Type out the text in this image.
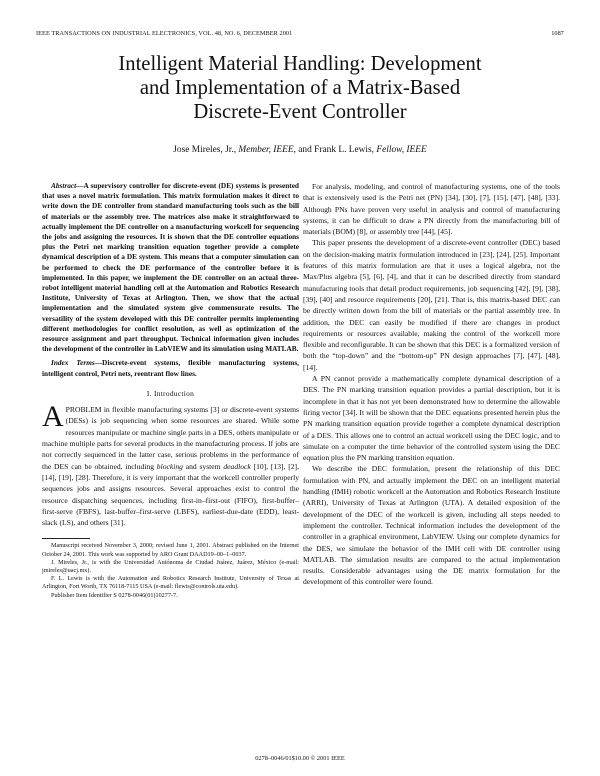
IEEE TRANSACTIONS ON INDUSTRIAL ELECTRONICS, VOL. 48, NO. 6, DECEMBER 2001	1087
Intelligent Material Handling: Development
and Implementation of a Matrix-Based
Discrete-Event Controller
Jose Mireles, Jr., Member, IEEE, and Frank L. Lewis, Fellow, IEEE

Abstract—A supervisory controller for discrete-event (DE) systems is presented that uses a novel matrix formulation. This matrix formulation makes it direct to write down the DE controller from standard manufacturing tools such as the bill of materials or the assembly tree. The matrices also make it straightforward to actually implement the DE controller on a manufacturing workcell for sequencing the jobs and assigning the resources. It is shown that the DE controller equations plus the Petri net marking transition equation together provide a complete dynamical description of a DE system. This means that a computer simulation can be performed to check the DE performance of the controller before it is implemented. In this paper, we implement the DE controller on an actual three-robot intelligent material handling cell at the Automation and Robotics Research Institute, University of Texas at Arlington. Then, we show that the actual implementation and the simulated system give commensurate results. The versatility of the system developed with this DE controller permits implementing different methodologies for conflict resolution, as well as optimization of the resource assignment and part throughput. Technical information given includes the development of the controller in LabVIEW and its simulation using MATLAB.

Index Terms—Discrete-event systems, flexible manufacturing systems, intelligent control, Petri nets, reentrant flow lines.

I. Introduction

APROBLEM in flexible manufacturing systems [3] or discrete-event systems (DESs) is job sequencing when some resources are shared. While some resources manipulate or machine single parts in a DES, others manipulate or machine multiple parts for several products in the manufacturing process. If jobs are not correctly sequenced in the latter case, serious problems in the performance of the DES can be obtained, including blocking and system deadlock [10], [13], [2], [14], [19], [28]. Therefore, it is very important that the workcell controller properly sequences jobs and assigns resources. Several approaches exist to control the resource dispatching sequences, including first-in–first-out (FIFO), first-buffer–first-serve (FBFS), last-buffer–first-serve (LBFS), earliest-due-date (EDD), least-slack (LS), and others [31].

Manuscript received November 3, 2000; revised June 1, 2001. Abstract published on the Internet October 24, 2001. This work was supported by ARO Grant DAAD19–00–1–0037.

J. Mireles, Jr., is with the Universidad Autónoma de Ciudad Juárez, Juárez, México (e-mail: jmireles@uacj.mx).

F. L. Lewis is with the Automation and Robotics Research Institute, University of Texas at Arlington, Fort Worth, TX 76118-7115 USA (e-mail: flewis@controls.uta.edu).

Publisher Item Identifier S 0278-0046(01)10277-7.

For analysis, modeling, and control of manufacturing systems, one of the tools that is extensively used is the Petri net (PN) [34], [30], [7], [15], [47], [48], [33]. Although PNs have proven very useful in analysis and control of manufacturing systems, it can be difficult to draw a PN directly from the manufacturing bill of materials (BOM) [8], or assembly tree [44], [45].

This paper presents the development of a discrete-event controller (DEC) based on the decision-making matrix formulation introduced in [23], [24], [25]. Important features of this matrix formulation are that it uses a logical algebra, not the Max/Plus algebra [5], [6], [4], and that it can be described directly from standard manufacturing tools that detail product requirements, job sequencing [42], [9], [38], [39], [40] and resource requirements [20], [21]. That is, this matrix-based DEC can be directly written down from the bill of materials or the partial assembly tree. In addition, the DEC can easily be modified if there are changes in product requirements or resources available, making the control of the workcell more flexible and reconfigurable. It can be shown that this DEC is a formalized version of both the “top-down” and the “bottom-up” PN design approaches [7], [47], [48], [14].

A PN cannot provide a mathematically complete dynamical description of a DES. The PN marking transition equation provides a partial description, but it is incomplete in that it has not yet been demonstrated how to determine the allowable firing vector [34]. It will be shown that the DEC equations presented herein plus the PN marking transition equation provide together a complete dynamical description of a DES. This allows one to control an actual workcell using the DEC logic, and to simulate on a computer the time behavior of the controlled system using the DEC equation plus the PN marking transition equation.

We describe the DEC formulation, present the relationship of this DEC formulation with PN, and actually implement the DEC on an intelligent material handling (IMH) robotic workcell at the Automation and Robotics Research Institute (ARRI), University of Texas at Arlington (UTA). A detailed exposition of the development of the DEC of the workcell is given, including all steps needed to implement the controller. Technical information includes the development of the controller in a graphical environment, LabVIEW. Using our complete dynamics for the DES, we simulate the behavior of the IMH cell with DE controller using MATLAB. The simulation results are compared to the actual implementation results. Considerable advantages using the DE matrix formulation for the development of this controller were found.

0278–0046/01$10.00 © 2001 IEEE
